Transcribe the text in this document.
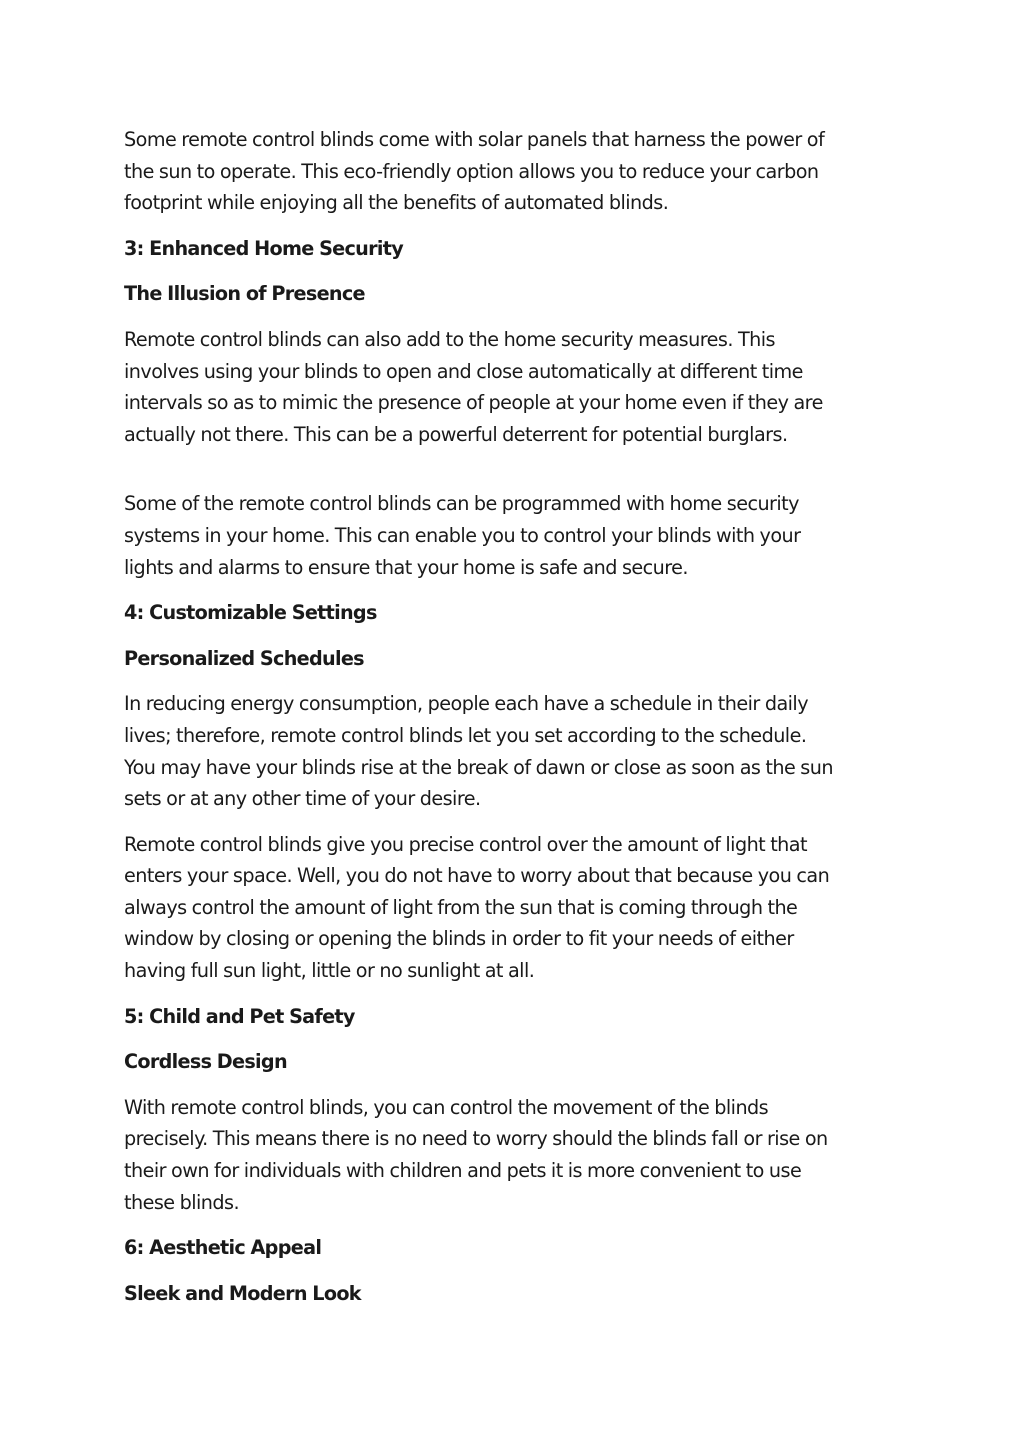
Some remote control blinds come with solar panels that harness the power of
the sun to operate. This eco-friendly option allows you to reduce your carbon
footprint while enjoying all the benefits of automated blinds.

3: Enhanced Home Security

The Illusion of Presence

Remote control blinds can also add to the home security measures. This
involves using your blinds to open and close automatically at different time
intervals so as to mimic the presence of people at your home even if they are
actually not there. This can be a powerful deterrent for potential burglars.

Some of the remote control blinds can be programmed with home security
systems in your home. This can enable you to control your blinds with your
lights and alarms to ensure that your home is safe and secure.

4: Customizable Settings

Personalized Schedules

In reducing energy consumption, people each have a schedule in their daily
lives; therefore, remote control blinds let you set according to the schedule.
You may have your blinds rise at the break of dawn or close as soon as the sun
sets or at any other time of your desire.

Remote control blinds give you precise control over the amount of light that
enters your space. Well, you do not have to worry about that because you can
always control the amount of light from the sun that is coming through the
window by closing or opening the blinds in order to fit your needs of either
having full sun light, little or no sunlight at all.

5: Child and Pet Safety

Cordless Design

With remote control blinds, you can control the movement of the blinds
precisely. This means there is no need to worry should the blinds fall or rise on
their own for individuals with children and pets it is more convenient to use
these blinds.

6: Aesthetic Appeal

Sleek and Modern Look
